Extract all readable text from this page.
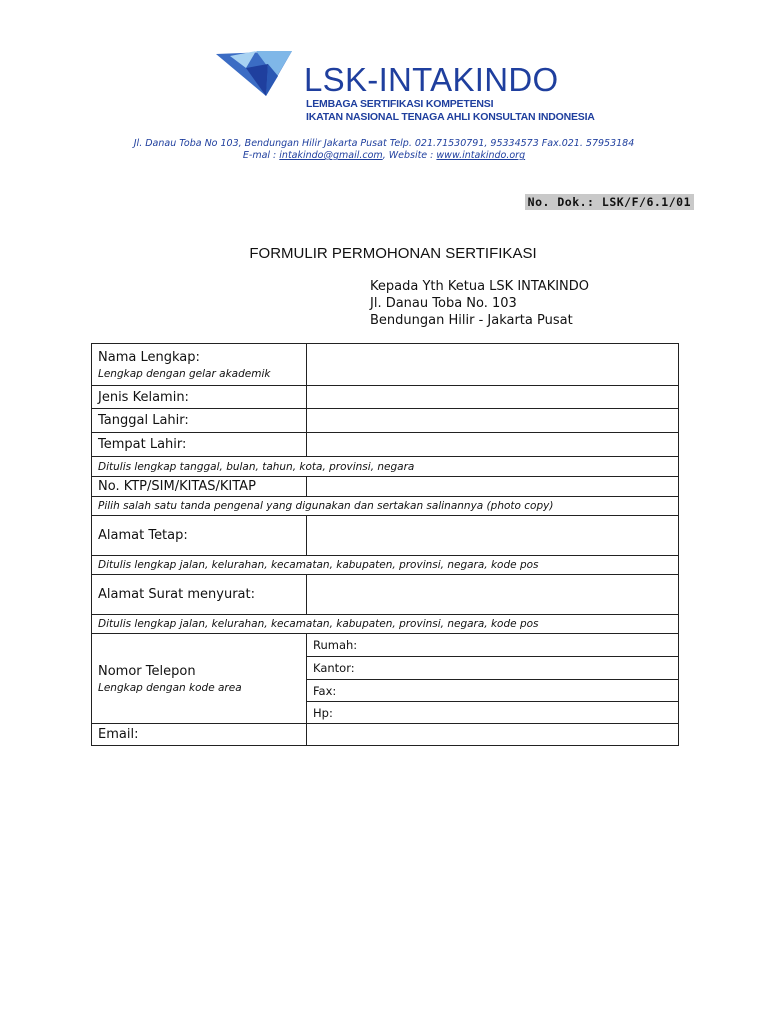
LSK-INTAKINDO
LEMBAGA SERTIFIKASI KOMPETENSI
IKATAN NASIONAL TENAGA AHLI KONSULTAN INDONESIA
Jl. Danau Toba No 103, Bendungan Hilir Jakarta Pusat Telp. 021.71530791, 95334573 Fax.021. 57953184
E-mal : intakindo@gmail.com, Website : www.intakindo.org
No. Dok.: LSK/F/6.1/01
FORMULIR PERMOHONAN SERTIFIKASI
Kepada Yth Ketua LSK INTAKINDO
Jl. Danau Toba No. 103
Bendungan Hilir - Jakarta Pusat
Nama Lengkap:
Lengkap dengan gelar akademik	

Jenis Kelamin:	
Tanggal Lahir:	
Tempat Lahir:	
Ditulis lengkap tanggal, bulan, tahun, kota, provinsi, negara	
No. KTP/SIM/KITAS/KITAP	
Pilih salah satu tanda pengenal yang digunakan dan sertakan salinannya (photo copy)	
Alamat Tetap:	
Ditulis lengkap jalan, kelurahan, kecamatan, kabupaten, provinsi, negara, kode pos	
Alamat Surat menyurat:	
Ditulis lengkap jalan, kelurahan, kecamatan, kabupaten, provinsi, negara, kode pos	
Nomor Telepon
Lengkap dengan kode area	Rumah:
	Kantor:
	Fax:
	Hp:
Email:	
